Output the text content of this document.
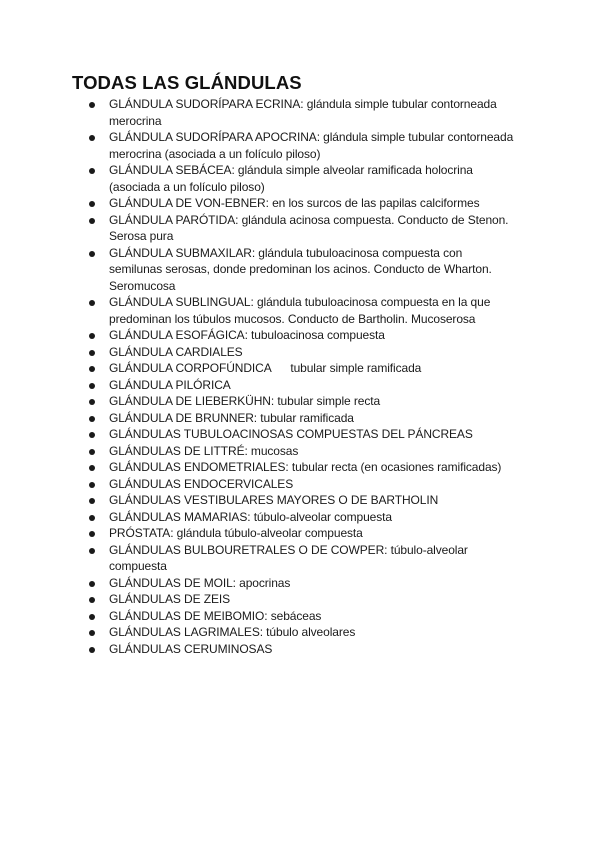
TODAS LAS GLÁNDULAS
GLÁNDULA SUDORÍPARA ECRINA: glándula simple tubular contorneada
merocrina
GLÁNDULA SUDORÍPARA APOCRINA: glándula simple tubular contorneada
merocrina (asociada a un folículo piloso)
GLÁNDULA SEBÁCEA: glándula simple alveolar ramificada holocrina
(asociada a un folículo piloso)
GLÁNDULA DE VON-EBNER: en los surcos de las papilas calciformes
GLÁNDULA PARÓTIDA: glándula acinosa compuesta. Conducto de Stenon.
Serosa pura
GLÁNDULA SUBMAXILAR: glándula tubuloacinosa compuesta con
semilunas serosas, donde predominan los acinos. Conducto de Wharton.
Seromucosa
GLÁNDULA SUBLINGUAL: glándula tubuloacinosa compuesta en la que
predominan los túbulos mucosos. Conducto de Bartholin. Mucoserosa
GLÁNDULA ESOFÁGICA: tubuloacinosa compuesta
GLÁNDULA CARDIALES
GLÁNDULA CORPOFÚNDICA      tubular simple ramificada
GLÁNDULA PILÓRICA
GLÁNDULA DE LIEBERKÜHN: tubular simple recta
GLÁNDULA DE BRUNNER: tubular ramificada
GLÁNDULAS TUBULOACINOSAS COMPUESTAS DEL PÁNCREAS
GLÁNDULAS DE LITTRÉ: mucosas
GLÁNDULAS ENDOMETRIALES: tubular recta (en ocasiones ramificadas)
GLÁNDULAS ENDOCERVICALES
GLÁNDULAS VESTIBULARES MAYORES O DE BARTHOLIN
GLÁNDULAS MAMARIAS: túbulo-alveolar compuesta
PRÓSTATA: glándula túbulo-alveolar compuesta
GLÁNDULAS BULBOURETRALES O DE COWPER: túbulo-alveolar
compuesta
GLÁNDULAS DE MOIL: apocrinas
GLÁNDULAS DE ZEIS
GLÁNDULAS DE MEIBOMIO: sebáceas
GLÁNDULAS LAGRIMALES: túbulo alveolares
GLÁNDULAS CERUMINOSAS
